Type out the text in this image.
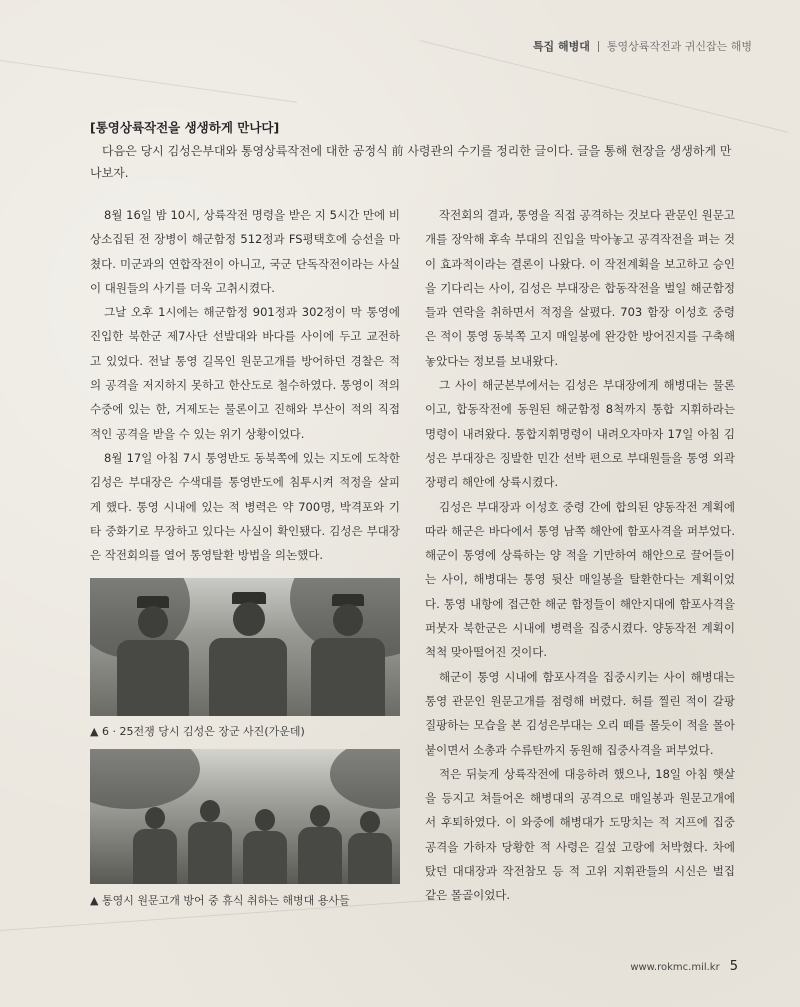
특집 해병대 통영상륙작전과 귀신잡는 해병
[통영상륙작전을 생생하게 만나다]

다음은 당시 김성은부대와 통영상륙작전에 대한 공정식 前 사령관의 수기를 정리한 글이다. 글을 통해 현장을 생생하게 만나보자.

8월 16일 밤 10시, 상륙작전 명령을 받은 지 5시간 만에 비상소집된 전 장병이 해군함정 512정과 FS평택호에 승선을 마쳤다. 미군과의 연합작전이 아니고, 국군 단독작전이라는 사실이 대원들의 사기를 더욱 고취시켰다.

그날 오후 1시에는 해군함정 901정과 302정이 막 통영에 진입한 북한군 제7사단 선발대와 바다를 사이에 두고 교전하고 있었다. 전날 통영 길목인 원문고개를 방어하던 경찰은 적의 공격을 저지하지 못하고 한산도로 철수하였다. 통영이 적의 수중에 있는 한, 거제도는 물론이고 진해와 부산이 적의 직접적인 공격을 받을 수 있는 위기 상황이었다.

8월 17일 아침 7시 통영반도 동북쪽에 있는 지도에 도착한 김성은 부대장은 수색대를 통영반도에 침투시켜 적정을 살피게 했다. 통영 시내에 있는 적 병력은 약 700명, 박격포와 기타 중화기로 무장하고 있다는 사실이 확인됐다. 김성은 부대장은 작전회의를 열어 통영탈환 방법을 의논했다.

▲ 6 · 25전쟁 당시 김성은 장군 사진(가운데)
▲ 통영시 원문고개 방어 중 휴식 취하는 해병대 용사들

작전회의 결과, 통영을 직접 공격하는 것보다 관문인 원문고개를 장악해 후속 부대의 진입을 막아놓고 공격작전을 펴는 것이 효과적이라는 결론이 나왔다. 이 작전계획을 보고하고 승인을 기다리는 사이, 김성은 부대장은 합동작전을 벌일 해군함정들과 연락을 취하면서 적정을 살폈다. 703 함장 이성호 중령은 적이 통영 동북쪽 고지 매일봉에 완강한 방어진지를 구축해 놓았다는 정보를 보내왔다.

그 사이 해군본부에서는 김성은 부대장에게 해병대는 물론이고, 합동작전에 동원된 해군함정 8척까지 통합 지휘하라는 명령이 내려왔다. 통합지휘명령이 내려오자마자 17일 아침 김성은 부대장은 징발한 민간 선박 편으로 부대원들을 통영 외곽 장평리 해안에 상륙시켰다.

김성은 부대장과 이성호 중령 간에 합의된 양동작전 계획에 따라 해군은 바다에서 통영 남쪽 해안에 함포사격을 퍼부었다. 해군이 통영에 상륙하는 양 적을 기만하여 해안으로 끌어들이는 사이, 해병대는 통영 뒷산 매일봉을 탈환한다는 계획이었다. 통영 내항에 접근한 해군 함정들이 해안지대에 함포사격을 퍼붓자 북한군은 시내에 병력을 집중시켰다. 양동작전 계획이 척척 맞아떨어진 것이다.

해군이 통영 시내에 함포사격을 집중시키는 사이 해병대는 통영 관문인 원문고개를 점령해 버렸다. 허를 찔린 적이 갈팡질팡하는 모습을 본 김성은부대는 오리 떼를 몰듯이 적을 몰아붙이면서 소총과 수류탄까지 동원해 집중사격을 퍼부었다.

적은 뒤늦게 상륙작전에 대응하려 했으나, 18일 아침 햇살을 등지고 쳐들어온 해병대의 공격으로 매일봉과 원문고개에서 후퇴하였다. 이 와중에 해병대가 도망치는 적 지프에 집중공격을 가하자 당황한 적 사령은 길섶 고랑에 처박혔다. 차에 탔던 대대장과 작전참모 등 적 고위 지휘관들의 시신은 벌집 같은 몰골이었다.

www.rokmc.mil.kr 5
